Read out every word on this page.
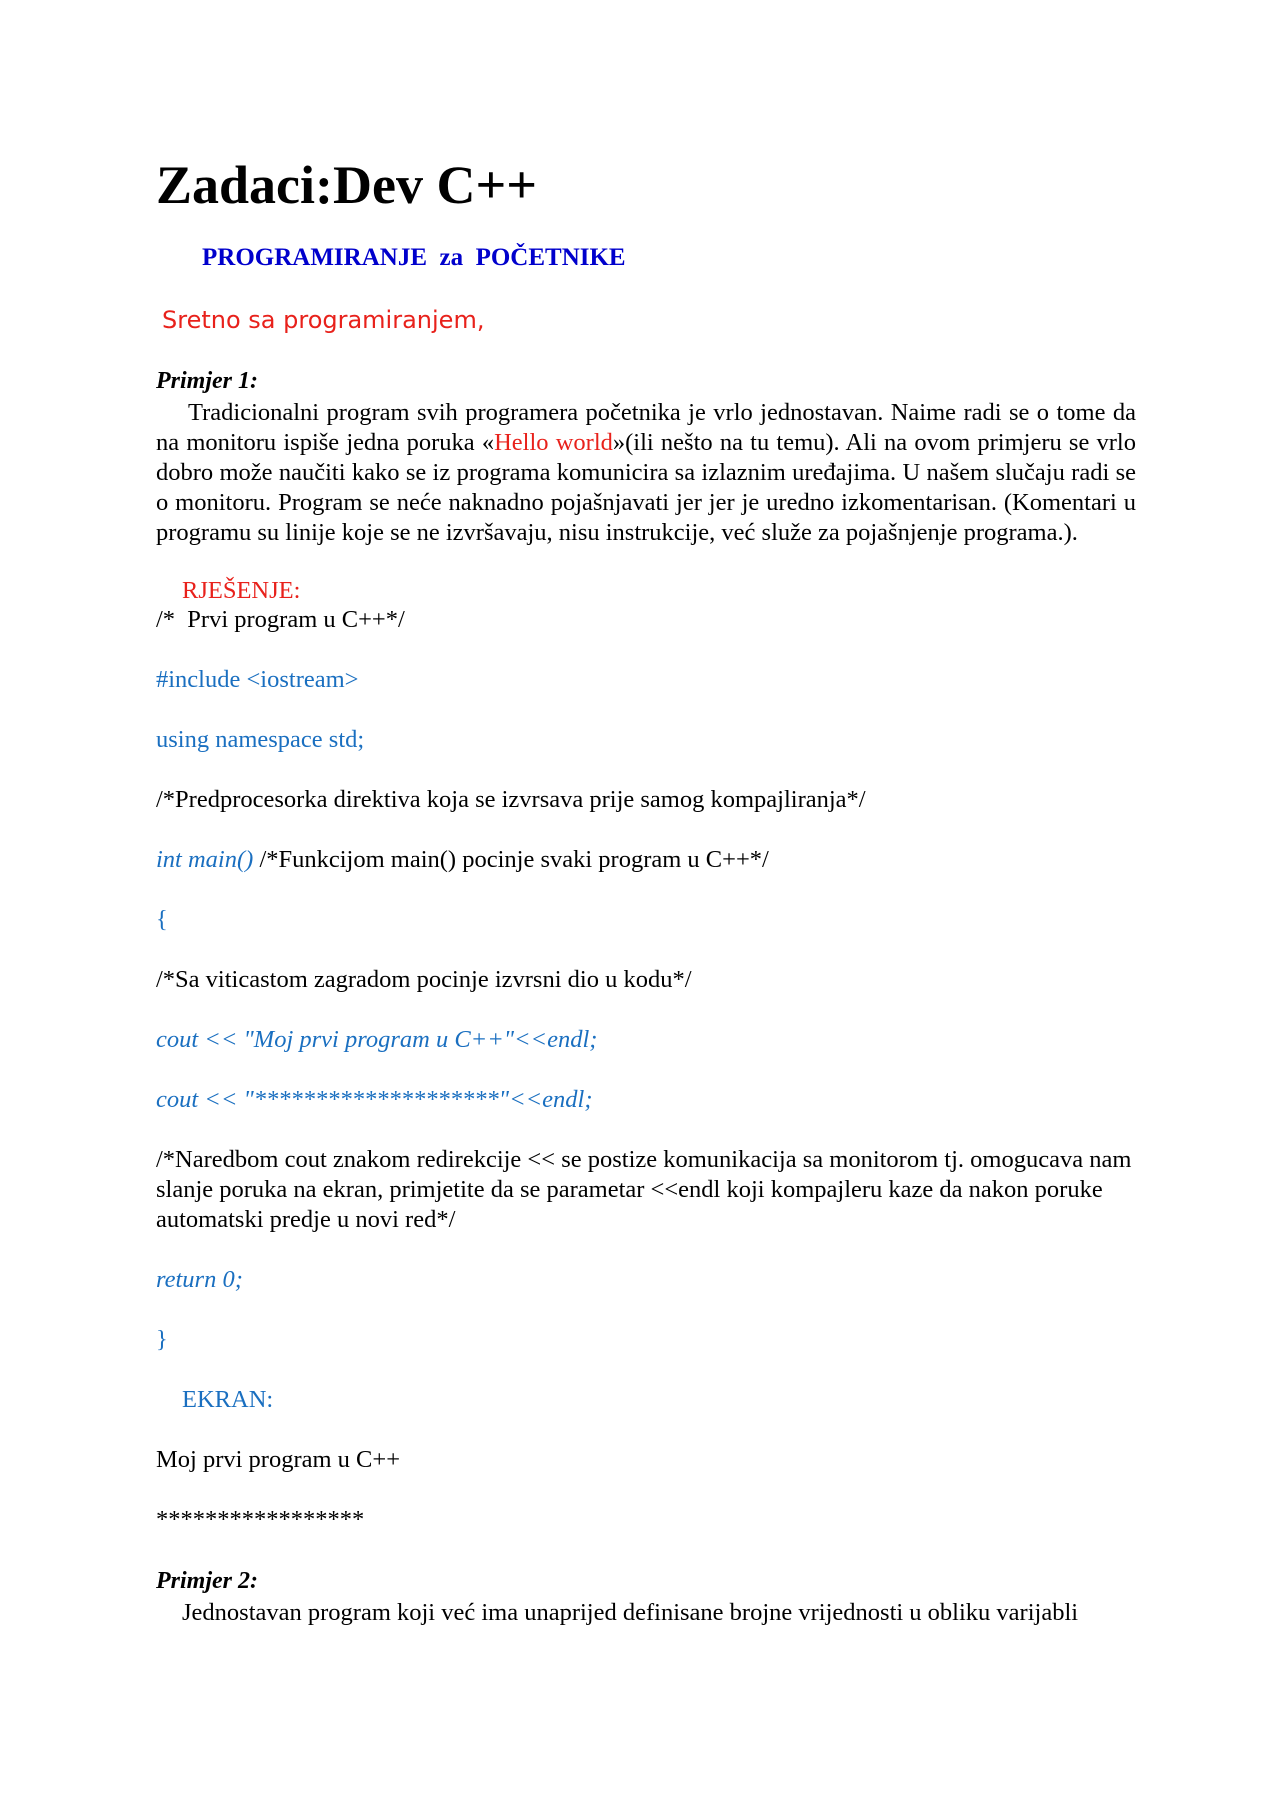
Zadaci:Dev C++
PROGRAMIRANJE  za  POČETNIKE
Sretno sa programiranjem,
Primjer 1:
Tradicionalni program svih programera početnika je vrlo jednostavan. Naime radi se o tome da na monitoru ispiše jedna poruka «Hello world»(ili nešto na tu temu). Ali na ovom primjeru se vrlo dobro može naučiti kako se iz programa komunicira sa izlaznim uređajima. U našem slučaju radi se o monitoru. Program se neće naknadno pojašnjavati jer jer je uredno izkomentarisan. (Komentari u programu su linije koje se ne izvršavaju, nisu instrukcije, već služe za pojašnjenje programa.).
RJEŠENJE:
/*  Prvi program u C++*/
#include <iostream>
using namespace std;
/*Predprocesorka direktiva koja se izvrsava prije samog kompajliranja*/
int main() /*Funkcijom main() pocinje svaki program u C++*/
{
/*Sa viticastom zagradom pocinje izvrsni dio u kodu*/
cout << "Moj prvi program u C++"<<endl;
cout << "********************"<<endl;
/*Naredbom cout znakom redirekcije << se postize komunikacija sa monitorom tj. omogucava nam slanje poruka na ekran, primjetite da se parametar <<endl koji kompajleru kaze da nakon poruke automatski predje u novi red*/
return 0;
}
EKRAN:
Moj prvi program u C++
*****************
Primjer 2:
Jednostavan program koji već ima unaprijed definisane brojne vrijednosti u obliku varijabli
